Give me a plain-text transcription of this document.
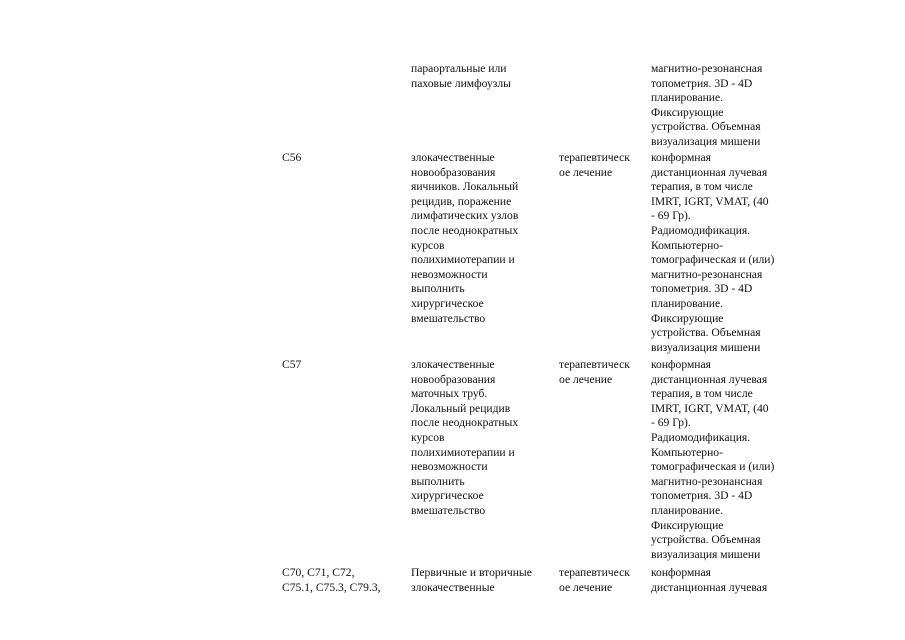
параортальные или
паховые лимфоузлы
магнитно-резонансная
топометрия. 3D - 4D
планирование.
Фиксирующие
устройства. Объемная
визуализация мишени
C56	злокачественные
новообразования
яичников. Локальный
рецидив, поражение
лимфатических узлов
после неоднократных
курсов
полихимиотерапии и
невозможности
выполнить
хирургическое
вмешательство
терапевтическ
ое лечение
конформная
дистанционная лучевая
терапия, в том числе
IMRT, IGRT, VMAT, (40
- 69 Гр).
Радиомодификация.
Компьютерно-
томографическая и (или)
магнитно-резонансная
топометрия. 3D - 4D
планирование.
Фиксирующие
устройства. Объемная
визуализация мишени
C57	злокачественные
новообразования
маточных труб.
Локальный рецидив
после неоднократных
курсов
полихимиотерапии и
невозможности
выполнить
хирургическое
вмешательство
терапевтическ
ое лечение
конформная
дистанционная лучевая
терапия, в том числе
IMRT, IGRT, VMAT, (40
- 69 Гр).
Радиомодификация.
Компьютерно-
томографическая и (или)
магнитно-резонансная
топометрия. 3D - 4D
планирование.
Фиксирующие
устройства. Объемная
визуализация мишени
C70, C71, C72,
C75.1, C75.3, C79.3,
Первичные и вторичные
злокачественные
терапевтическ
ое лечение
конформная
дистанционная лучевая
